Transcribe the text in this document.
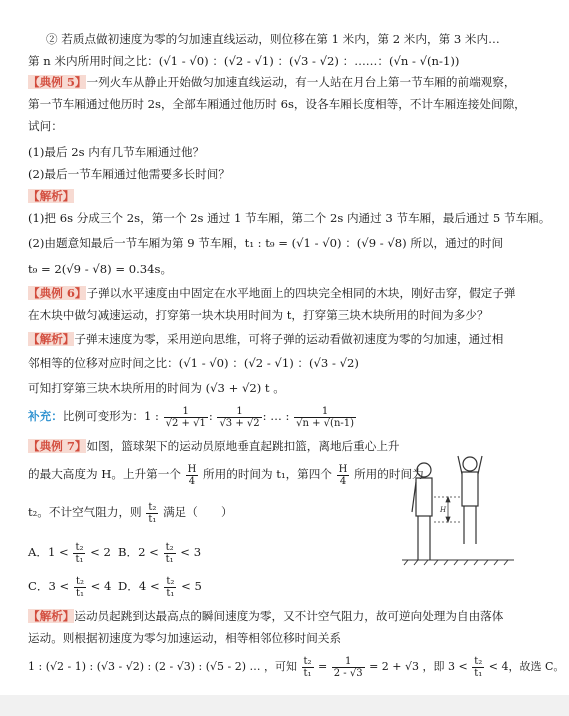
② 若质点做初速度为零的匀加速直线运动，则位移在第 1 米内，第 2 米内，第 3 米内…
第 n 米内所用时间之比：(√1 - √0) ：(√2 - √1) ：(√3 - √2) ：……：(√n - √(n-1))
【典例 5】一列火车从静止开始做匀加速直线运动，有一人站在月台上第一节车厢的前端观察，
第一节车厢通过他历时 2s，全部车厢通过他历时 6s，设各车厢长度相等，不计车厢连接处间隙，
试问：
(1)最后 2s 内有几节车厢通过他？
(2)最后一节车厢通过他需要多长时间？
【解析】
(1)把 6s 分成三个 2s，第一个 2s 通过 1 节车厢，第二个 2s 内通过 3 节车厢，最后通过 5 节车厢。
(2)由题意知最后一节车厢为第 9 节车厢，t₁ : t₉ = (√1 - √0) ：(√9 - √8) 所以，通过的时间
t₉ = 2(√9 - √8) = 0.34s。
【典例 6】子弹以水平速度由中固定在水平地面上的四块完全相同的木块，刚好击穿，假定子弹
在木块中做匀减速运动，打穿第一块木块用时间为 t，打穿第三块木块所用的时间为多少？
【解析】子弹末速度为零，采用逆向思维，可将子弹的运动看做初速度为零的匀加速，通过相
邻相等的位移对应时间之比：(√1 - √0) ：(√2 - √1) ：(√3 - √2)
可知打穿第三块木块所用的时间为 (√3 + √2) t 。
补充：比例可变形为：1 : $\frac{1}{√2 + √1}$ : $\frac{1}{√3 + √2}$ : … : $\frac{1}{√n + √(n-1)}$
【典例 7】如图，篮球架下的运动员原地垂直起跳扣篮，离地后重心上升
的最大高度为 H。上升第一个 $\frac{H}{4}$ 所用的时间为 t₁，第四个 $\frac{H}{4}$ 所用的时间为
t₂。不计空气阻力，则 $\frac{\text{t₂}}{\text{t₁}}$ 满足（　　）
A．$1 < \frac{\text{t₂}}{\text{t₁}} < 2$ B．$2 < \frac{\text{t₂}}{\text{t₁}} < 3$
C．$3 < \frac{\text{t₂}}{\text{t₁}} < 4$ D．$4 < \frac{\text{t₂}}{\text{t₁}} < 5$
【解析】运动员起跳到达最高点的瞬间速度为零，又不计空气阻力，故可逆向处理为自由落体
运动。则根据初速度为零匀加速运动，相等相邻位移时间关系
1 : (√2 - 1) : (√3 - √2) : (2 - √3) : (√5 - 2) … ，可知 $\frac{\text{t₂}}{\text{t₁}} = \frac{1}{2 - √3} = 2 + √3$ ，即 $3 < \frac{\text{t₂}}{\text{t₁}} < 4$，故选 C。
H
